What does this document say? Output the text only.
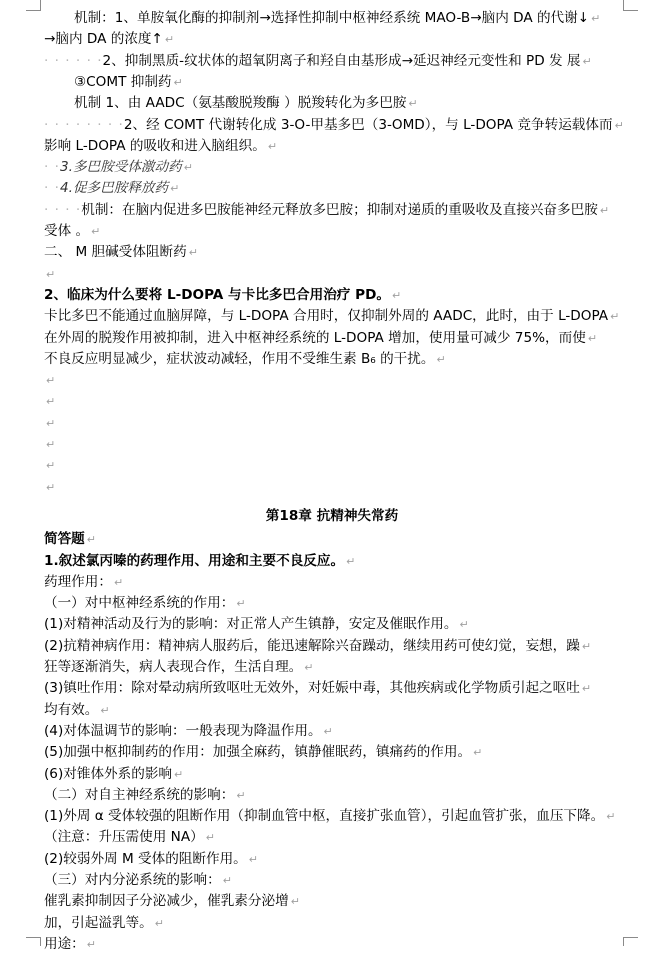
机制：1、单胺氧化酶的抑制剂→选择性抑制中枢神经系统 MAO-B→脑内 DA 的代谢↓ ↵
→脑内 DA 的浓度↑ ↵
· · · · · ·2、抑制黑质-纹状体的超氧阴离子和羟自由基形成→延迟神经元变性和 PD 发 展 ↵
③COMT 抑制药 ↵
机制 1、由 AADC（氨基酸脱羧酶 ）脱羧转化为多巴胺 ↵
· · · · · · · ·2、经 COMT 代谢转化成 3-O-甲基多巴（3-OMD），与 L-DOPA 竞争转运载体而 ↵
影响 L-DOPA 的吸收和进入脑组织。 ↵
· ·3.多巴胺受体激动药 ↵
· ·4.促多巴胺释放药 ↵
· · · ·机制：在脑内促进多巴胺能神经元释放多巴胺；抑制对递质的重吸收及直接兴奋多巴胺 ↵
受体 。 ↵
二、 M 胆碱受体阻断药 ↵
↵
2、临床为什么要将 L-DOPA 与卡比多巴合用治疗 PD。 ↵
卡比多巴不能通过血脑屏障，与 L-DOPA 合用时，仅抑制外周的 AADC，此时，由于 L-DOPA ↵
在外周的脱羧作用被抑制，进入中枢神经系统的 L-DOPA 增加，使用量可减少 75%，而使 ↵
不良反应明显减少，症状波动减轻，作用不受维生素 B₆ 的干扰。 ↵
↵
↵
↵
↵
↵
↵
第18章 抗精神失常药
简答题 ↵
1.叙述氯丙嗪的药理作用、用途和主要不良反应。 ↵
药理作用： ↵
（一）对中枢神经系统的作用： ↵
(1)对精神活动及行为的影响：对正常人产生镇静，安定及催眠作用。 ↵
(2)抗精神病作用：精神病人服药后，能迅速解除兴奋躁动，继续用药可使幻觉，妄想，躁 ↵
狂等逐渐消失，病人表现合作，生活自理。 ↵
(3)镇吐作用：除对晕动病所致呕吐无效外，对妊娠中毒，其他疾病或化学物质引起之呕吐 ↵
均有效。 ↵
(4)对体温调节的影响：一般表现为降温作用。 ↵
(5)加强中枢抑制药的作用：加强全麻药，镇静催眠药，镇痛药的作用。 ↵
(6)对锥体外系的影响 ↵
（二）对自主神经系统的影响： ↵
(1)外周 α 受体较强的阻断作用（抑制血管中枢，直接扩张血管），引起血管扩张，血压下降。 ↵
（注意：升压需使用 NA） ↵
(2)较弱外周 M 受体的阻断作用。 ↵
（三）对内分泌系统的影响： ↵
催乳素抑制因子分泌减少，催乳素分泌增 ↵
加，引起溢乳等。 ↵
用途： ↵
